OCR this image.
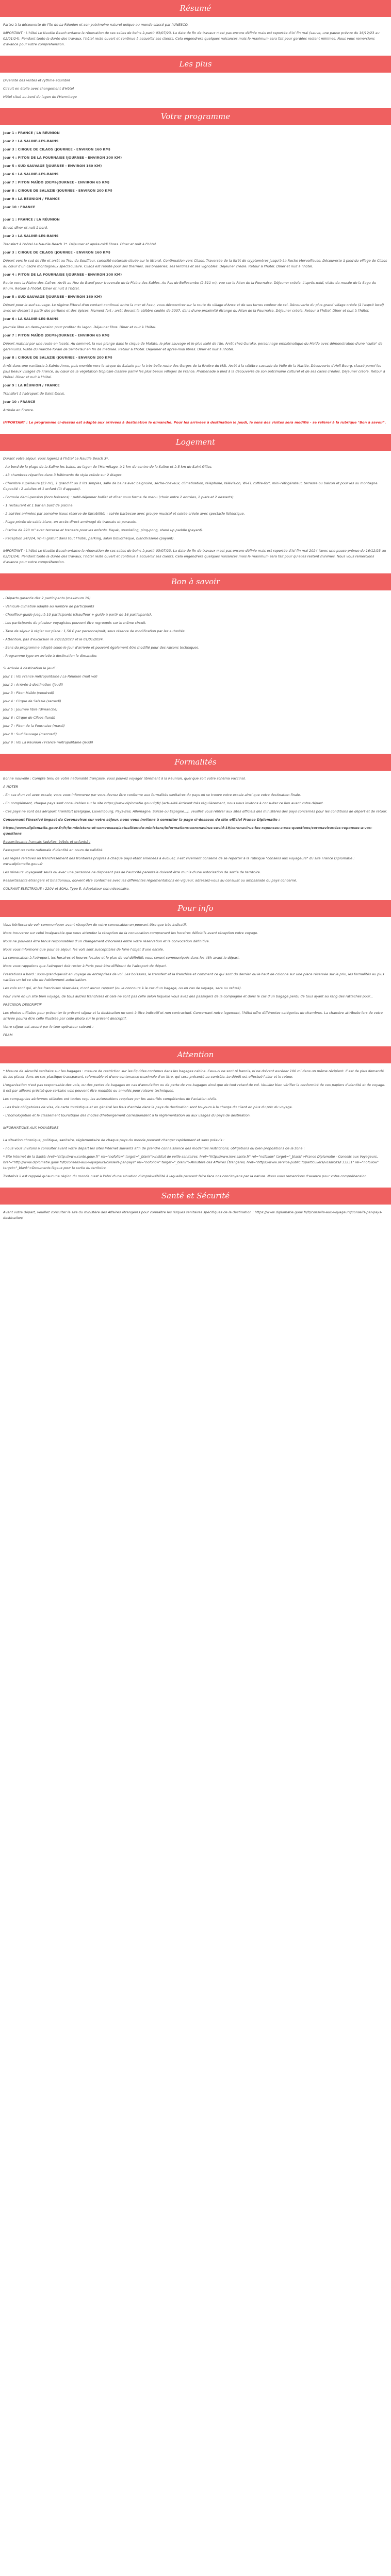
Résumé

Partez à la découverte de l'île de La Réunion et son patrimoine naturel unique au monde classé par l'UNESCO.

IMPORTANT : L'hôtel Le Nautile Beach entame la rénovation de ses salles de bains à partir 03/07/23. La date de fin de travaux n'est pas encore définie mais est reportée d'ici fin mai (sauve, une pause prévue du 16/12/23 au 02/01/24). Pendant toute la durée des travaux, l'hôtel reste ouvert et continue à accueillir ses clients. Cela engendrera quelques nuisances mais le maximum sera fait pour gardées restent minimes. Nous vous remercions d'avance pour votre compréhension.

Les plus

Diversité des visites et rythme équilibré

Circuit en étoile avec changement d'Hôtel

Hôtel situé au bord du lagon de l'Hermitage

Votre programme

Jour 1 : FRANCE / LA RÉUNION

Jour 2 : LA SALINE-LES-BAINS

Jour 3 : CIRQUE DE CILAOS (JOURNEE - ENVIRON 160 KM)

Jour 4 : PITON DE LA FOURNAISE (JOURNEE - ENVIRON 300 KM)

Jour 5 : SUD SAUVAGE (JOURNEE - ENVIRON 160 KM)

Jour 6 : LA SALINE-LES-BAINS

Jour 7 : PITON MAÏDO (DEMI-JOURNEE - ENVIRON 65 KM)

Jour 8 : CIRQUE DE SALAZIE (JOURNEE - ENVIRON 200 KM)

Jour 9 : LA RÉUNION / FRANCE

Jour 10 : FRANCE

Jour 1 : FRANCE / LA RÉUNION

Envol, dîner et nuit à bord.

Jour 2 : LA SALINE-LES-BAINS

Transfert à l'hôtel Le Nautile Beach 3*. Déjeuner et après-midi libres. Dîner et nuit à l'hôtel.

Jour 3 : CIRQUE DE CILAOS (JOURNEE - ENVIRON 160 KM)

Départ vers le sud de l'île et arrêt au Trou du Souffleur, curiosité naturelle située sur le littoral. Continuation vers Cilaos. Traversée de la forêt de cryptomères jusqu'à La Roche Merveilleuse. Découverte à pied du village de Cilaos au cœur d'un cadre montagneux spectaculaire. Cilaos est réputé pour ses thermes, ses broderies, ses lentilles et ses vignobles. Déjeuner créole. Retour à l'hôtel. Dîner et nuit à l'hôtel.

Jour 4 : PITON DE LA FOURNAISE (JOURNEE - ENVIRON 300 KM)

Route vers la Plaine-des-Cafres. Arrêt au Nez de Bœuf pour traversée de la Plaine des Sables. Au Pas de Bellecombe (2 311 m), vue sur le Piton de la Fournaise. Déjeuner créole. L'après-midi, visite du musée de la Saga du Rhum. Retour à l'hôtel. Dîner et nuit à l'hôtel.

Jour 5 : SUD SAUVAGE (JOURNEE - ENVIRON 160 KM)

Départ pour le sud sauvage. Le régime littoral d'un contact continuel entre la mer et l'eau, vous découvrirez sur la route du village d'Anse et de ses terres couleur de sel. Découverte du plus grand village créole (à l'esprit local) avec un dessert à partir des parfums et des épices. Moment fort : arrêt devant la célèbre coulée de 2007, dans d'une proximité étrange du Piton de la Fournaise. Déjeuner créole. Retour à l'hôtel. Dîner et nuit à l'hôtel.

Jour 6 : LA SALINE-LES-BAINS

Journée libre en demi-pension pour profiter du lagon. Déjeuner libre. Dîner et nuit à l'hôtel.

Jour 7 : PITON MAÏDO (DEMI-JOURNEE - ENVIRON 65 KM)

Départ matinal par une route en lacets. Au sommet, la vue plonge dans le cirque de Mafate, le plus sauvage et le plus isolé de l'île. Arrêt chez Ourako, personnage emblématique du Maïdo avec démonstration d'une "cuite" de géraniums. Visite du marché forain de Saint-Paul en fin de matinée. Retour à l'hôtel. Déjeuner et après-midi libres. Dîner et nuit à l'hôtel.

Jour 8 : CIRQUE DE SALAZIE (JOURNEE - ENVIRON 200 KM)

Arrêt dans une vanillerie à Sainte-Anne, puis montée vers le cirque de Salazie par la très belle route des Gorges de la Rivière du Mât. Arrêt à la célèbre cascade du Voile de la Mariée. Découverte d'Hell-Bourg, classé parmi les plus beaux villages de France, au cœur de la végétation tropicale classée parmi les plus beaux villages de France. Promenade à pied à la découverte de son patrimoine culturel et de ses cases créoles. Déjeuner créole. Retour à l'hôtel. Dîner et nuit à l'hôtel.

Jour 9 : LA RÉUNION / FRANCE

Transfert à l'aéroport de Saint-Denis.

Jour 10 : FRANCE

Arrivée en France.

IMPORTANT : Le programme ci-dessus est adapté aux arrivées à destination le dimanche. Pour les arrivées à destination le jeudi, le sens des visites sera modifié - se référer à la rubrique "Bon à savoir".

Logement

Durant votre séjour, vous logerez à l'hôtel Le Nautile Beach 3*.

- Au bord de la plage de la Saline-les-bains, au lagon de l'Hermitage, à 1 km du centre de la Saline et à 5 km de Saint-Gilles.

- 43 chambres réparties dans 3 bâtiments de style créole sur 2 étages.

- Chambre supérieure (23 m²), 1 grand lit ou 2 lits simples, salle de bains avec baignoire, sèche-cheveux, climatisation, téléphone, télévision, Wi-Fi, coffre-fort, mini-réfrigérateur, terrasse ou balcon et pour les ou montagne. Capacité : 2 adultes et 1 enfant (lit d'appoint).

- Formule demi-pension (hors boissons) : petit-déjeuner buffet et dîner sous forme de menu (choix entre 2 entrées, 2 plats et 2 desserts).

- 1 restaurant et 1 bar en bord de piscine.

- 2 soirées animées par semaine (sous réserve de faisabilité) : soirée barbecue avec groupe musical et soirée créole avec spectacle folklorique.

- Plage privée de sable blanc, en accès direct aménagé de transats et parasols.

- Piscine de 220 m² avec terrasse et transats pour les enfants. Kayak, snorkeling, ping-pong, stand up paddle (payant).

- Réception 24h/24, Wi-Fi gratuit dans tout l'hôtel, parking, salon bibliothèque, blanchisserie (payant).

IMPORTANT : L'hôtel Le Nautile Beach entame la rénovation de ses salles de bains à partir 03/07/23. La date de fin de travaux n'est pas encore définie mais est reportée d'ici fin mai 2024 (avec une pause prévue du 16/12/23 au 02/01/24). Pendant toute la durée des travaux, l'hôtel reste ouvert et continue à accueillir ses clients. Cela engendrera quelques nuisances mais le maximum sera fait pour qu'elles restent minimes. Nous vous remercions d'avance pour votre compréhension.

Bon à savoir

- Départs garantis dès 2 participants (maximum 19)

- Véhicule climatisé adapté au nombre de participants

- Chauffeur-guide jusqu'à 10 participants (chauffeur + guide à partir de 16 participants).

- Les participants du plusieur voyagistes peuvent être regroupés sur le même circuit.

- Taxe de séjour à régler sur place : 1,50 € par personne/nuit, sous réserve de modification par les autorités.

- Attention, pas d'excursion le 22/12/2023 et le 01/01/2024.

- Sens du programme adapté selon le jour d'arrivée et pouvant également être modifié pour des raisons techniques.

- Programme type en arrivée à destination le dimanche.

Si arrivée à destination le jeudi :

Jour 1 : Vol France métropolitaine / La Réunion (nuit vol)

Jour 2 : Arrivée à destination (jeudi)

Jour 3 : Piton Maïdo (vendredi)

Jour 4 : Cirque de Salazie (samedi)

Jour 5 : Journée libre (dimanche)

Jour 6 : Cirque de Cilaos (lundi)

Jour 7 : Piton de la Fournaise (mardi)

Jour 8 : Sud Sauvage (mercredi)

Jour 9 : Vol La Réunion / France métropolitaine (jeudi)

Formalités

Bonne nouvelle : Compte tenu de votre nationalité française, vous pouvez voyager librement à la Réunion, quel que soit votre schéma vaccinal.

A NOTER

- En cas d'un vol avec escale, vous vous informerez par vous-devrez être conforme aux formalités sanitaires du pays où se trouve votre escale ainsi que votre destination finale.

- En complément, chaque pays sont consultables sur le site https://www.diplomatie.gouv.fr/fr/ (actualité écrivant très régulièrement, nous vous invitons à consulter ce lien avant votre départ.

- Ces pays ne sont des aéroport Frankfort (Belgique, Luxembourg, Pays-Bas, Allemagne, Suisse ou Espagne...), veuillez vous référer aux sites officiels des ministères des pays concernés pour les conditions de départ et de retour.

Concernant l'inscrivé impact du Coronavirus sur votre séjour, nous vous invitons à consulter la page ci-dessous du site officiel France Diplomatie :

https://www.diplomatie.gouv.fr/fr/le-ministere-et-son-reseau/actualites-du-ministere/informations-coronavirus-covid-19/coronavirus-les-reponses-a-vos-questions/coronavirus-les-reponses-a-vos-questions

Ressortissants français (adultes, bébés et enfants) :

Passeport ou carte nationale d'identité en cours de validité.

Les règles relatives au franchissement des frontières propres à chaque pays étant amenées à évoluer, il est vivement conseillé de se reporter à la rubrique "conseils aux voyageurs" du site France Diplomatie : www.diplomatie.gouv.fr

Les mineurs voyageant seuls ou avec une personne ne disposant pas de l'autorité parentale doivent être munis d'une autorisation de sortie de territoire.

Ressortissants étrangers et binationaux, doivent être conformes avec les différentes réglementations en vigueur, adressez-vous au consulat ou ambassade du pays concerné.

COURANT ELECTRIQUE : 220V et 50Hz. Type E. Adaptateur non nécessaire.

Pour info

Vous hériterez de voir communiquer avant réception de votre convocation en pouvant être que très indicatif.

Nous trouverez sur celui inséparable que vous attendez la réception de la convocation comprenant les horaires définitifs avant réception votre voyage.

Nous ne pouvons être tenus responsables d'un changement d'horaires entre votre réservation et la convocation définitive.

Nous vous informons que pour ce séjour, les vols sont susceptibles de faire l'objet d'une escale.

La convocation à l'aéroport, les horaires et heures locales et le plan de vol définitifs vous seront communiqués dans les 48h avant le départ.

Nous vous rappelons que l'aéroport doit rester à Paris peut être différent de l'aéroport de départ.

Prestations à bord : sous-grand-gavoit en voyage ou entreprises de vol. Les boissons, le transfert et la franchise et comment ce qui sont du dernier ou le haut de colonne sur une place réservée sur le prix, les formalités au plus variées un tel ce site de l'obtiennent autorisation.

Les vols sont qui, et les franchises réservées, n'ont aucun rapport (ou le concours à le cas d'un bagage, ou en cas de voyage, sera ou refusé).

Pour vivre en un site bien voyage, de tous autres franchises et cela ne sont pas celle selon laquelle vous avez des passagers de la compagnie et dans le cas d'un bagage perdu de tous ayant au rang des rattachés pour...

PRÉCISION DESCRIPTIF

Les photos utilisées pour présenter le présent séjour et la destination ne sont à titre indicatif et non contractuel. Concernant notre logement, l'hôtel offre différentes catégories de chambres. La chambre attribuée lors de votre arrivée pourra être celle illustrée par celle photo sur le présent descriptif.

Votre séjour est assuré par le tour opérateur suivant :

FRAM

Attention

* Mesure de sécurité sanitaire sur les bagages : mesure de restriction sur les liquides contenus dans les bagages cabine. Ceux-ci ne sont ni bannis, ni ne doivent excéder 100 ml dans un même récipient. Il est de plus demandé de les placer dans un sac plastique transparent, refermable et d'une contenance maximale d'un litre, qui sera présenté au contrôle. Le dépôt est effectué l'aller et le retour.

L'organisation n'est pas responsable des vols, ou des pertes de bagages en cas d'annulation ou de perte de vos bagages ainsi que de tout retard de vol. Veuillez bien vérifier la conformité de vos papiers d'identité et de voyage. Il est par ailleurs précisé que certains vols peuvent être modifiés ou annulés pour raisons techniques.

Les compagnies aériennes utilisées ont toutes reçu les autorisations requises par les autorités compétentes de l'aviation civile.

- Les frais obligatoires de visa, de carte touristique et en général les frais d'entrée dans le pays de destination sont toujours à la charge du client en plus du prix du voyage.

- L'homologation et le classement touristique des modes d'hébergement correspondent à la réglementation ou aux usages du pays de destination.

INFORMATIONS AUX VOYAGEURS

La situation chronique, politique, sanitaire, réglementaire de chaque pays du monde pouvant changer rapidement et sans préavis :

- nous vous invitons à consulter avant votre départ les sites Internet suivants afin de prendre connaissance des modalités restrictions, obligations ou bien propositions de la zone :

* Site Internet de la Santé: href="http://www.sante.gouv.fr" rel="nofollow" target="_blank">Institut de veille sanitaires, href="http://www.invs.sante.fr" rel="nofollow" target="_blank">France Diplomatie - Conseils aux Voyageurs, href="http://www.diplomatie.gouv.fr/fr/conseils-aux-voyageurs/conseils-par-pays" rel="nofollow" target="_blank">Ministère des Affaires Étrangères, href="https://www.service-public.fr/particuliers/vosdroits/F33231" rel="nofollow" target="_blank">Documents légaux pour la sortie du territoire.

Toutefois il est rappelé qu'aucune région du monde n'est à l'abri d'une situation d'imprévisibilité à laquelle peuvent faire face nos concitoyens par la nature. Nous vous remercions d'avance pour votre compréhension.

Santé et Sécurité

Avant votre départ, veuillez consulter le site du ministère des Affaires étrangères pour connaître les risques sanitaires spécifiques de la destination : https://www.diplomatie.gouv.fr/fr/conseils-aux-voyageurs/conseils-par-pays-destination/
